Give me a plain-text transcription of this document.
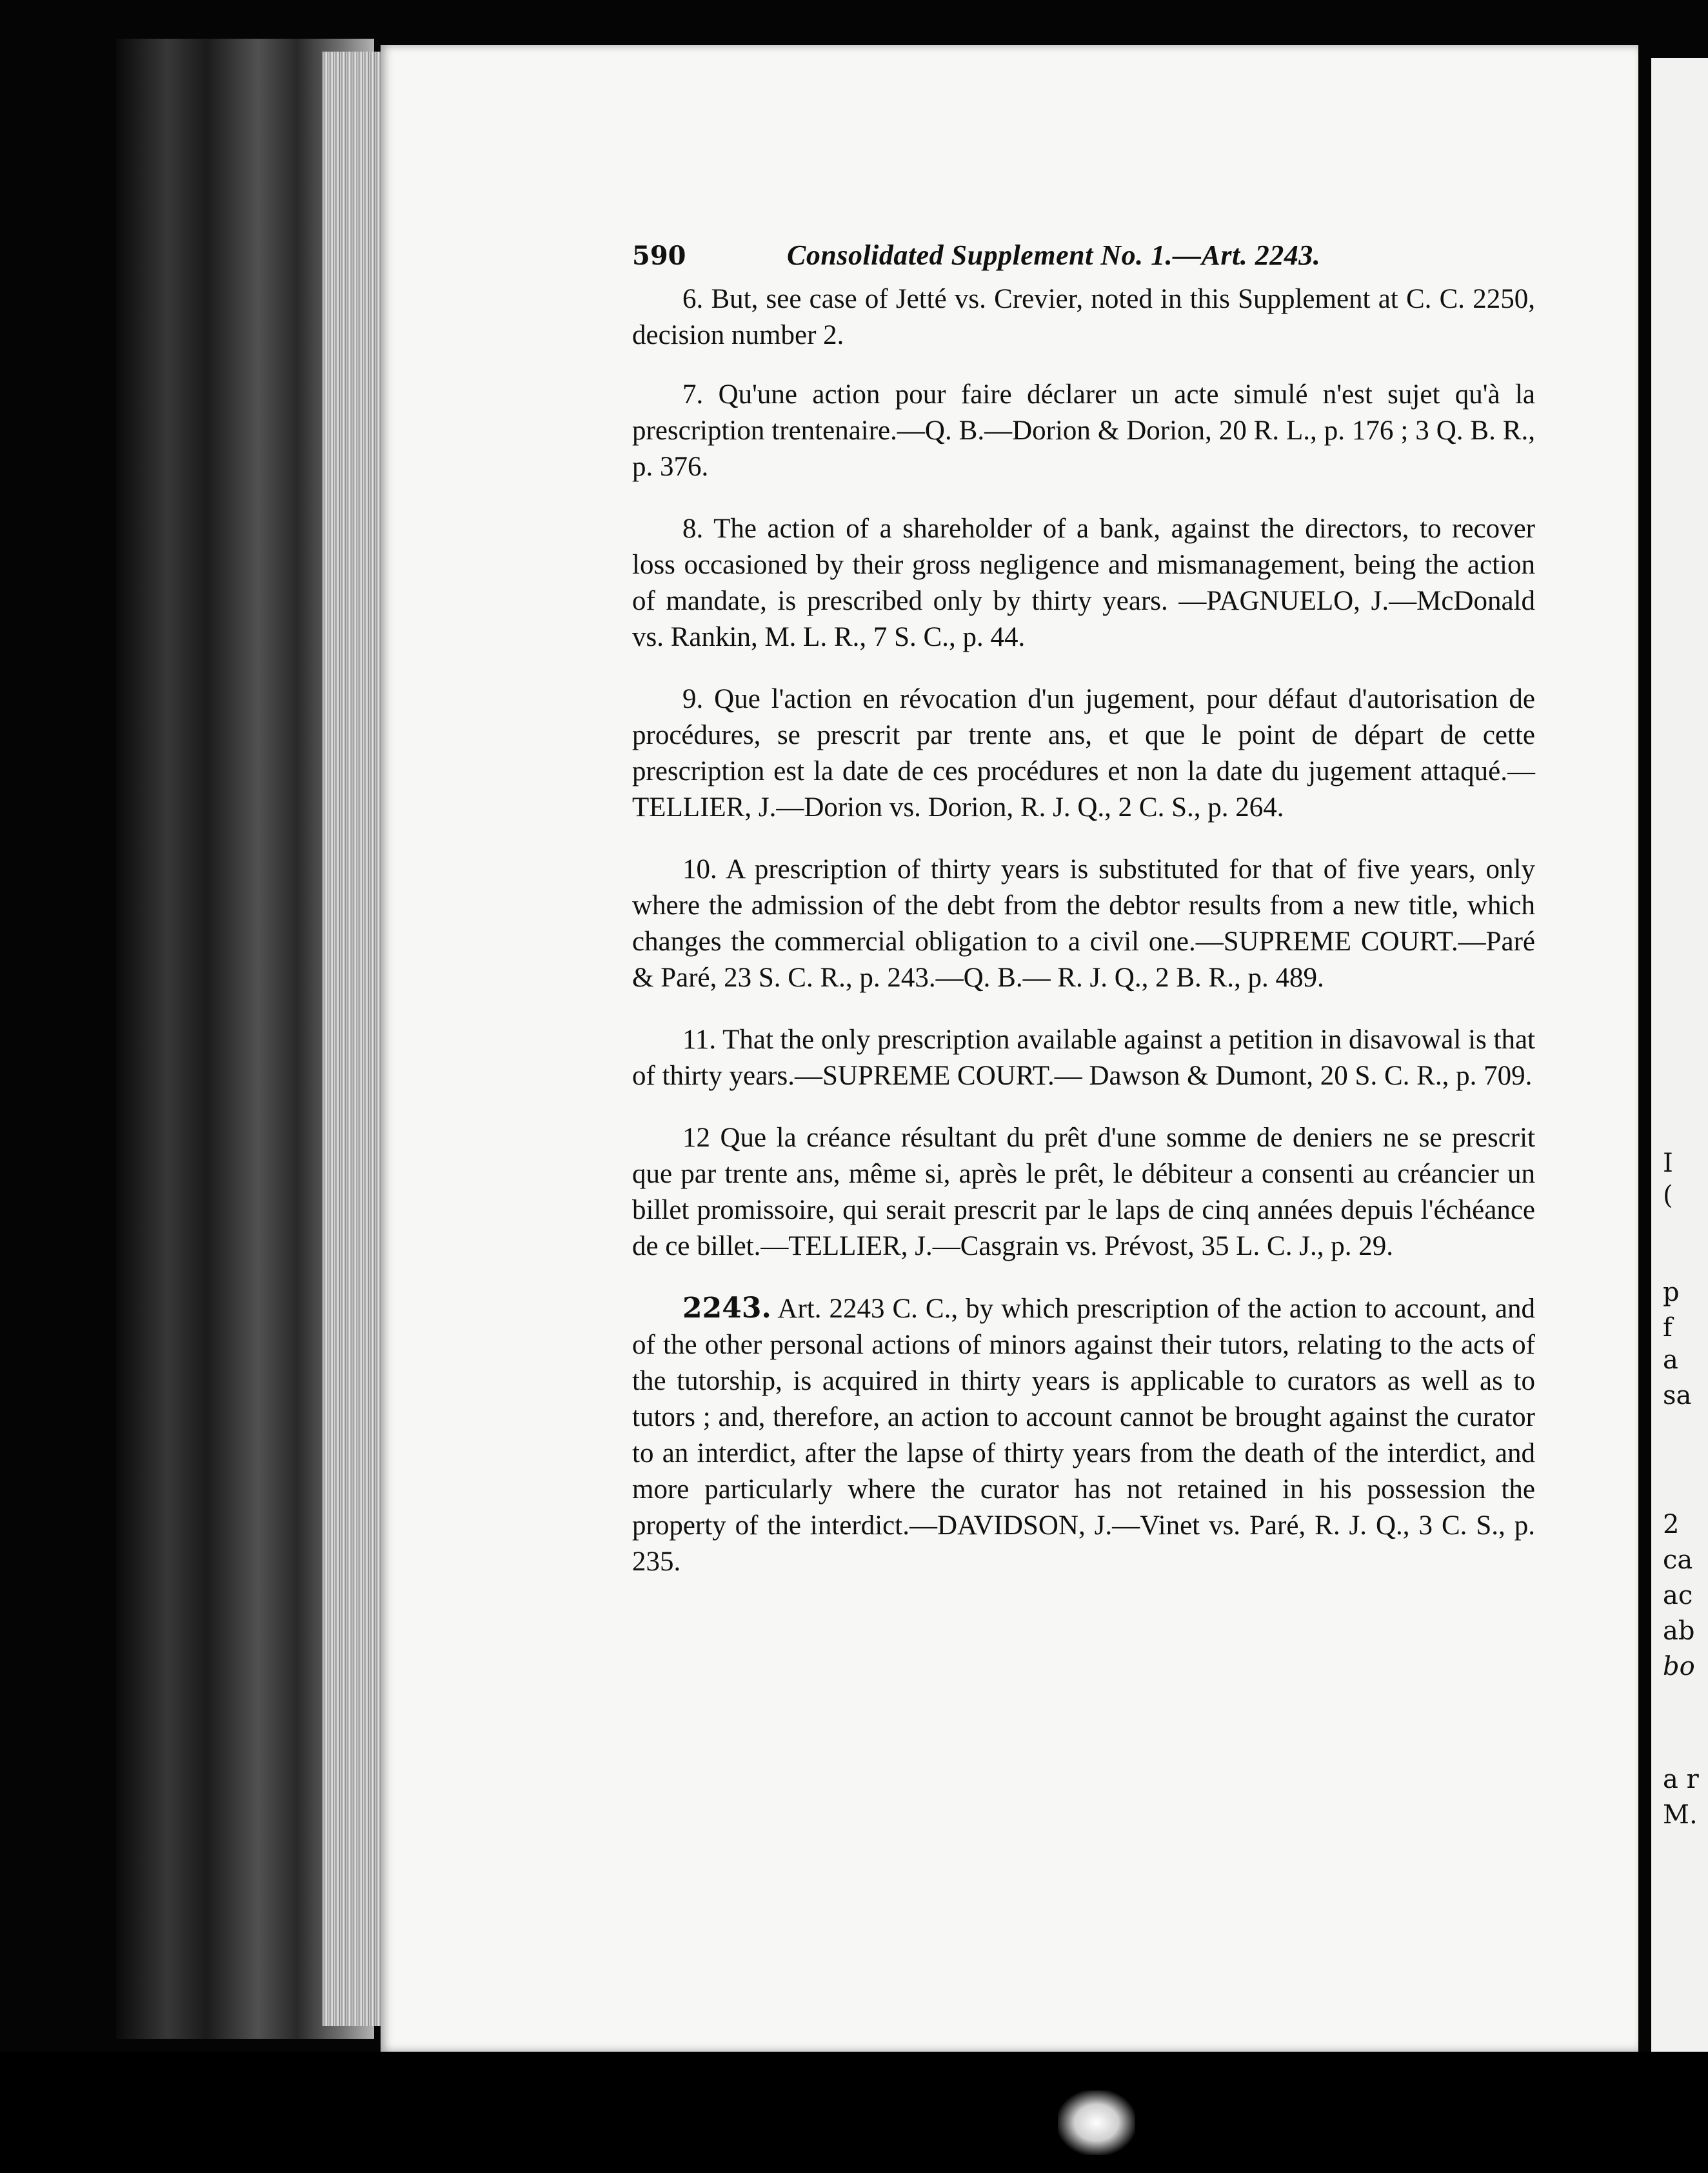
I
(
p
f
a
sa
2
ca
ac
ab
bo
a r
M.
590	Consolidated Supplement No. 1.—Art. 2243.

6. But, see case of Jetté vs. Crevier, noted in this Supplement at C. C. 2250, decision number 2.

7. Qu'une action pour faire déclarer un acte simulé n'est sujet qu'à la prescription trentenaire.—Q. B.—Dorion & Dorion, 20 R. L., p. 176 ; 3 Q. B. R., p. 376.

8. The action of a shareholder of a bank, against the directors, to recover loss occasioned by their gross negligence and mismanagement, being the action of mandate, is prescribed only by thirty years. —PAGNUELO, J.—McDonald vs. Rankin, M. L. R., 7 S. C., p. 44.

9. Que l'action en révocation d'un jugement, pour défaut d'autorisation de procédures, se prescrit par trente ans, et que le point de départ de cette prescription est la date de ces procédures et non la date du jugement attaqué.—TELLIER, J.—Dorion vs. Dorion, R. J. Q., 2 C. S., p. 264.

10. A prescription of thirty years is substituted for that of five years, only where the admission of the debt from the debtor results from a new title, which changes the commercial obligation to a civil one.—SUPREME COURT.—Paré & Paré, 23 S. C. R., p. 243.—Q. B.— R. J. Q., 2 B. R., p. 489.

11. That the only prescription available against a petition in disavowal is that of thirty years.—SUPREME COURT.— Dawson & Dumont, 20 S. C. R., p. 709.

12 Que la créance résultant du prêt d'une somme de deniers ne se prescrit que par trente ans, même si, après le prêt, le débiteur a consenti au créancier un billet promissoire, qui serait prescrit par le laps de cinq années depuis l'échéance de ce billet.—TELLIER, J.—Casgrain vs. Prévost, 35 L. C. J., p. 29.

2243. Art. 2243 C. C., by which prescription of the action to account, and of the other personal actions of minors against their tutors, relating to the acts of the tutorship, is acquired in thirty years is applicable to curators as well as to tutors ; and, therefore, an action to account cannot be brought against the curator to an interdict, after the lapse of thirty years from the death of the interdict, and more particularly where the curator has not retained in his possession the property of the interdict.—DAVIDSON, J.—Vinet vs. Paré, R. J. Q., 3 C. S., p. 235.
